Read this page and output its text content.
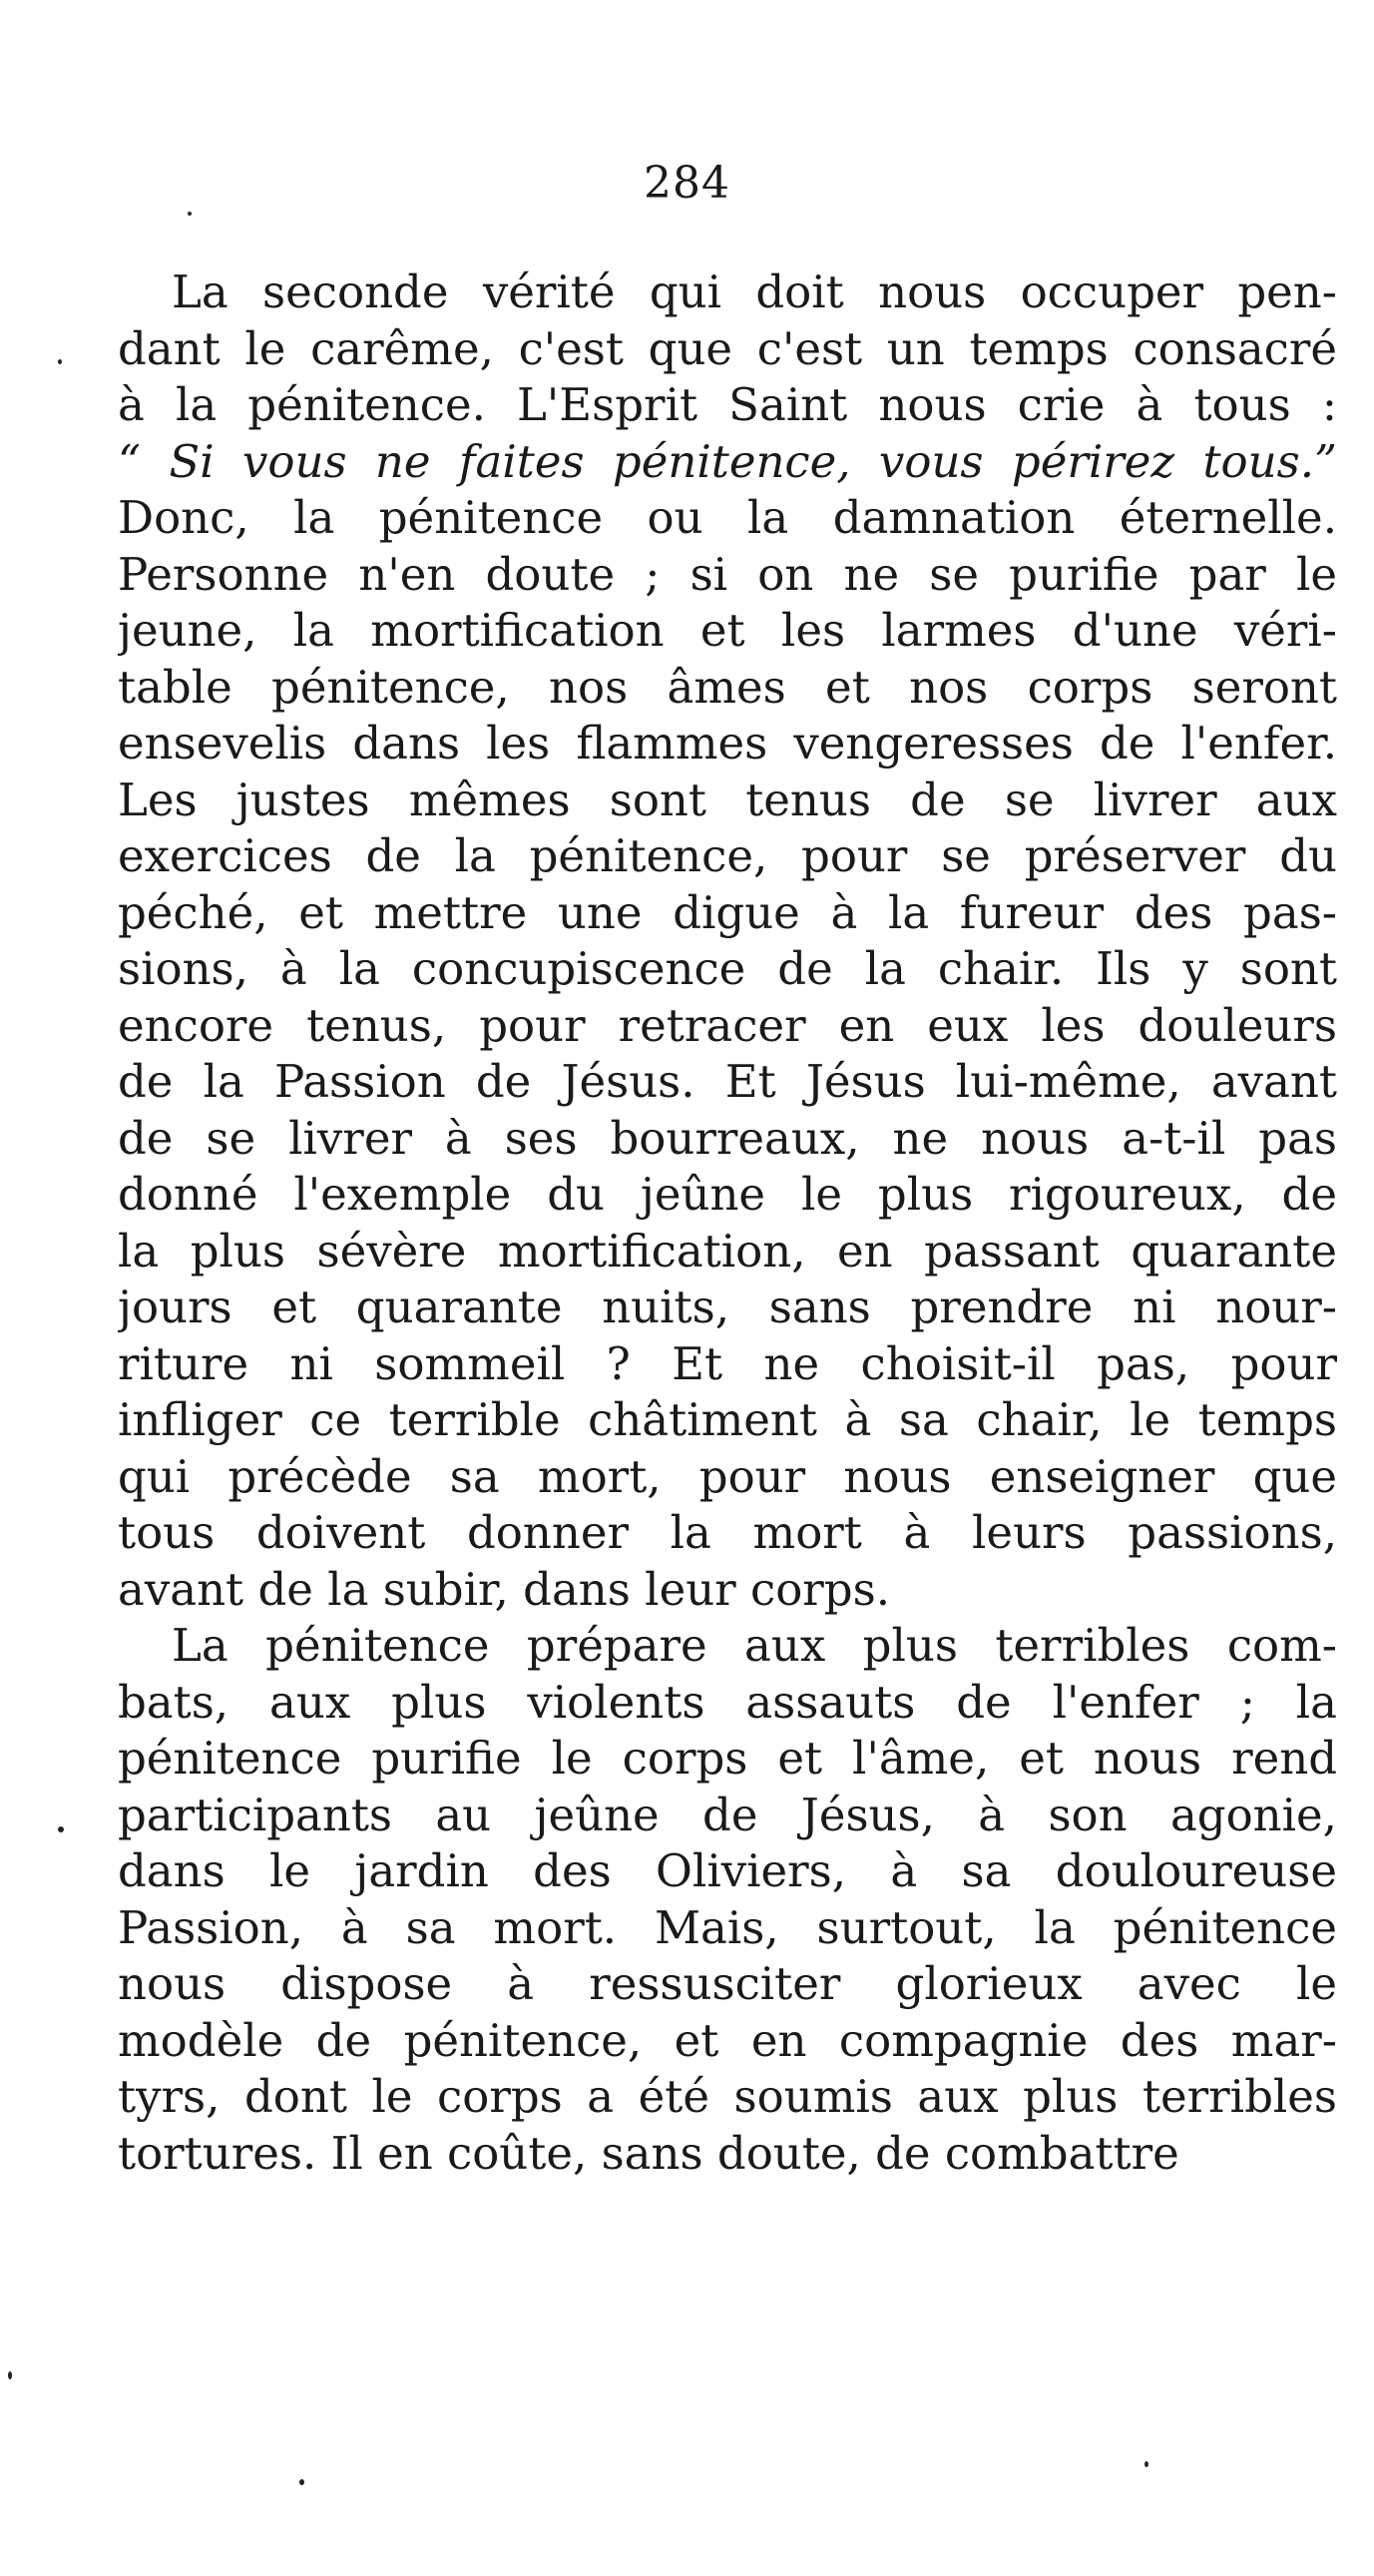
284
La seconde vérité qui doit nous occuper pen-
dant le carême, c'est que c'est un temps consacré
à la pénitence. L'Esprit Saint nous crie à tous :
“ Si vous ne faites pénitence, vous périrez tous.”
Donc, la pénitence ou la damnation éternelle.
Personne n'en doute ; si on ne se purifie par le
jeune, la mortification et les larmes d'une véri-
table pénitence, nos âmes et nos corps seront
ensevelis dans les flammes vengeresses de l'enfer.
Les justes mêmes sont tenus de se livrer aux
exercices de la pénitence, pour se préserver du
péché, et mettre une digue à la fureur des pas-
sions, à la concupiscence de la chair. Ils y sont
encore tenus, pour retracer en eux les douleurs
de la Passion de Jésus. Et Jésus lui-même, avant
de se livrer à ses bourreaux, ne nous a-t-il pas
donné l'exemple du jeûne le plus rigoureux, de
la plus sévère mortification, en passant quarante
jours et quarante nuits, sans prendre ni nour-
riture ni sommeil ? Et ne choisit-il pas, pour
infliger ce terrible châtiment à sa chair, le temps
qui précède sa mort, pour nous enseigner que
tous doivent donner la mort à leurs passions,
avant de la subir, dans leur corps.
La pénitence prépare aux plus terribles com-
bats, aux plus violents assauts de l'enfer ; la
pénitence purifie le corps et l'âme, et nous rend
participants au jeûne de Jésus, à son agonie,
dans le jardin des Oliviers, à sa douloureuse
Passion, à sa mort. Mais, surtout, la pénitence
nous dispose à ressusciter glorieux avec le
modèle de pénitence, et en compagnie des mar-
tyrs, dont le corps a été soumis aux plus terribles
tortures. Il en coûte, sans doute, de combattre
